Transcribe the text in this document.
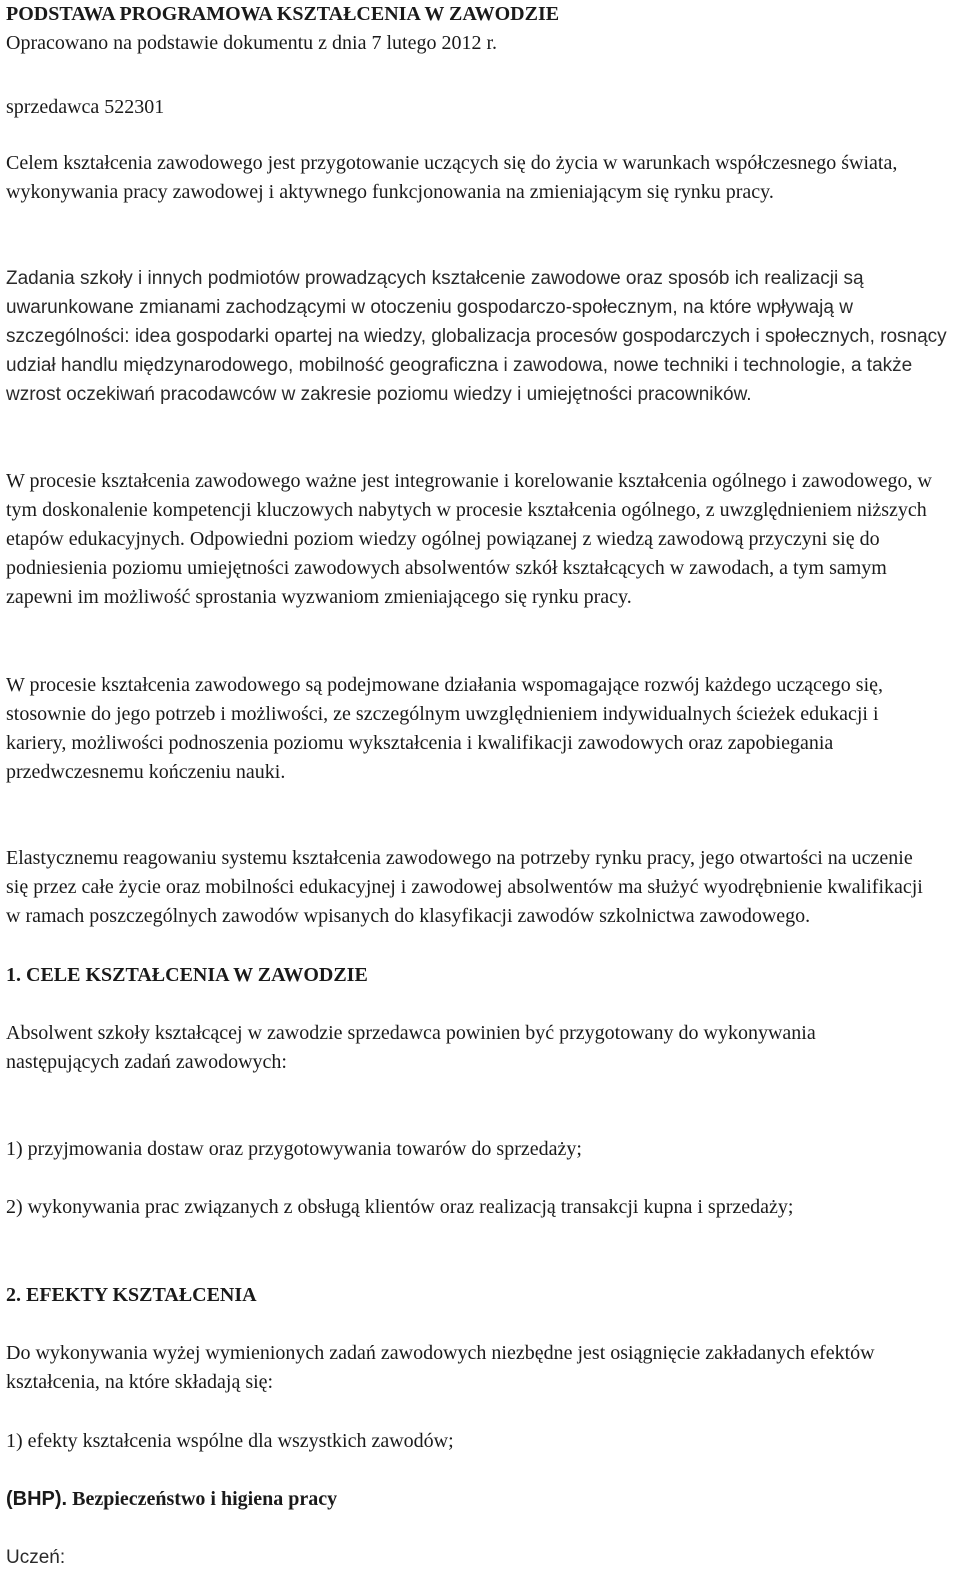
PODSTAWA PROGRAMOWA KSZTAŁCENIA W ZAWODZIE
Opracowano na podstawie dokumentu z dnia 7 lutego 2012 r.
sprzedawca 522301
Celem kształcenia zawodowego jest przygotowanie uczących się do życia w warunkach współczesnego świata, wykonywania pracy zawodowej i aktywnego funkcjonowania na zmieniającym się rynku pracy.
Zadania szkoły i innych podmiotów prowadzących kształcenie zawodowe oraz sposób ich realizacji są uwarunkowane zmianami zachodzącymi w otoczeniu gospodarczo-społecznym, na które wpływają w szczególności: idea gospodarki opartej na wiedzy, globalizacja procesów gospodarczych i społecznych, rosnący udział handlu międzynarodowego, mobilność geograficzna i zawodowa, nowe techniki i technologie, a także wzrost oczekiwań pracodawców w zakresie poziomu wiedzy i umiejętności pracowników.
W procesie kształcenia zawodowego ważne jest integrowanie i korelowanie kształcenia ogólnego i zawodowego, w tym doskonalenie kompetencji kluczowych nabytych w procesie kształcenia ogólnego, z uwzględnieniem niższych etapów edukacyjnych. Odpowiedni poziom wiedzy ogólnej powiązanej z wiedzą zawodową przyczyni się do podniesienia poziomu umiejętności zawodowych absolwentów szkół kształcących w zawodach, a tym samym zapewni im możliwość sprostania wyzwaniom zmieniającego się rynku pracy.
W procesie kształcenia zawodowego są podejmowane działania wspomagające rozwój każdego uczącego się, stosownie do jego potrzeb i możliwości, ze szczególnym uwzględnieniem indywidualnych ścieżek edukacji i kariery, możliwości podnoszenia poziomu wykształcenia i kwalifikacji zawodowych oraz zapobiegania przedwczesnemu kończeniu nauki.
Elastycznemu reagowaniu systemu kształcenia zawodowego na potrzeby rynku pracy, jego otwartości na uczenie się przez całe życie oraz mobilności edukacyjnej i zawodowej absolwentów ma służyć wyodrębnienie kwalifikacji w ramach poszczególnych zawodów wpisanych do klasyfikacji zawodów szkolnictwa zawodowego.
1. CELE KSZTAŁCENIA W ZAWODZIE
Absolwent szkoły kształcącej w zawodzie sprzedawca powinien być przygotowany do wykonywania następujących zadań zawodowych:
1) przyjmowania dostaw oraz przygotowywania towarów do sprzedaży;
2) wykonywania prac związanych z obsługą klientów oraz realizacją transakcji kupna i sprzedaży;
2. EFEKTY KSZTAŁCENIA
Do wykonywania wyżej wymienionych zadań zawodowych niezbędne jest osiągnięcie zakładanych efektów kształcenia, na które składają się:
1) efekty kształcenia wspólne dla wszystkich zawodów;
(BHP). Bezpieczeństwo i higiena pracy
Uczeń:
